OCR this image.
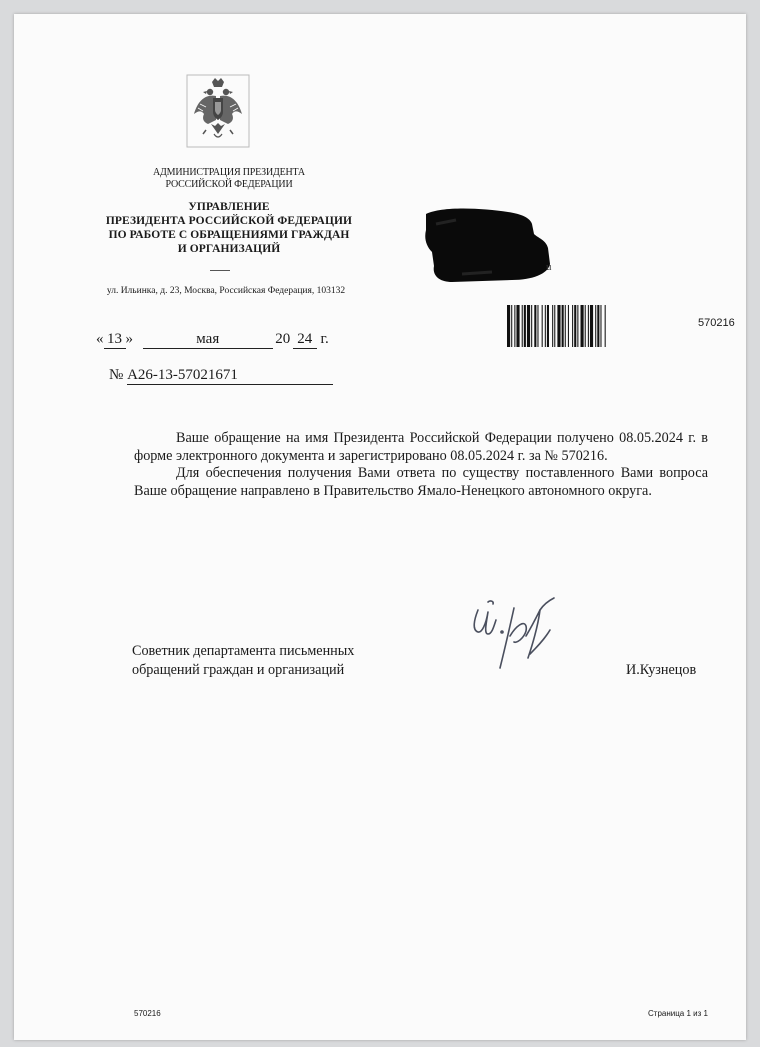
АДМИНИСТРАЦИЯ ПРЕЗИДЕНТА
РОССИЙСКОЙ ФЕДЕРАЦИИ
УПРАВЛЕНИЕ
ПРЕЗИДЕНТА РОССИЙСКОЙ ФЕДЕРАЦИИ
ПО РАБОТЕ С ОБРАЩЕНИЯМИ ГРАЖДАН
И ОРГАНИЗАЦИЙ
ул. Ильинка, д. 23, Москва, Российская Федерация, 103132
u
570216
« 13 »	мая	20 24 г.
№ А26-13-57021671

Ваше обращение на имя Президента Российской Федерации получено 08.05.2024 г. в форме электронного документа и зарегистрировано 08.05.2024 г. за № 570216.

Для обеспечения получения Вами ответа по существу поставленного Вами вопроса Ваше обращение направлено в Правительство Ямало-Ненецкого автономного округа.

Советник департамента письменных
обращений граждан и организаций	И.Кузнецов
570216	Страница 1 из 1
